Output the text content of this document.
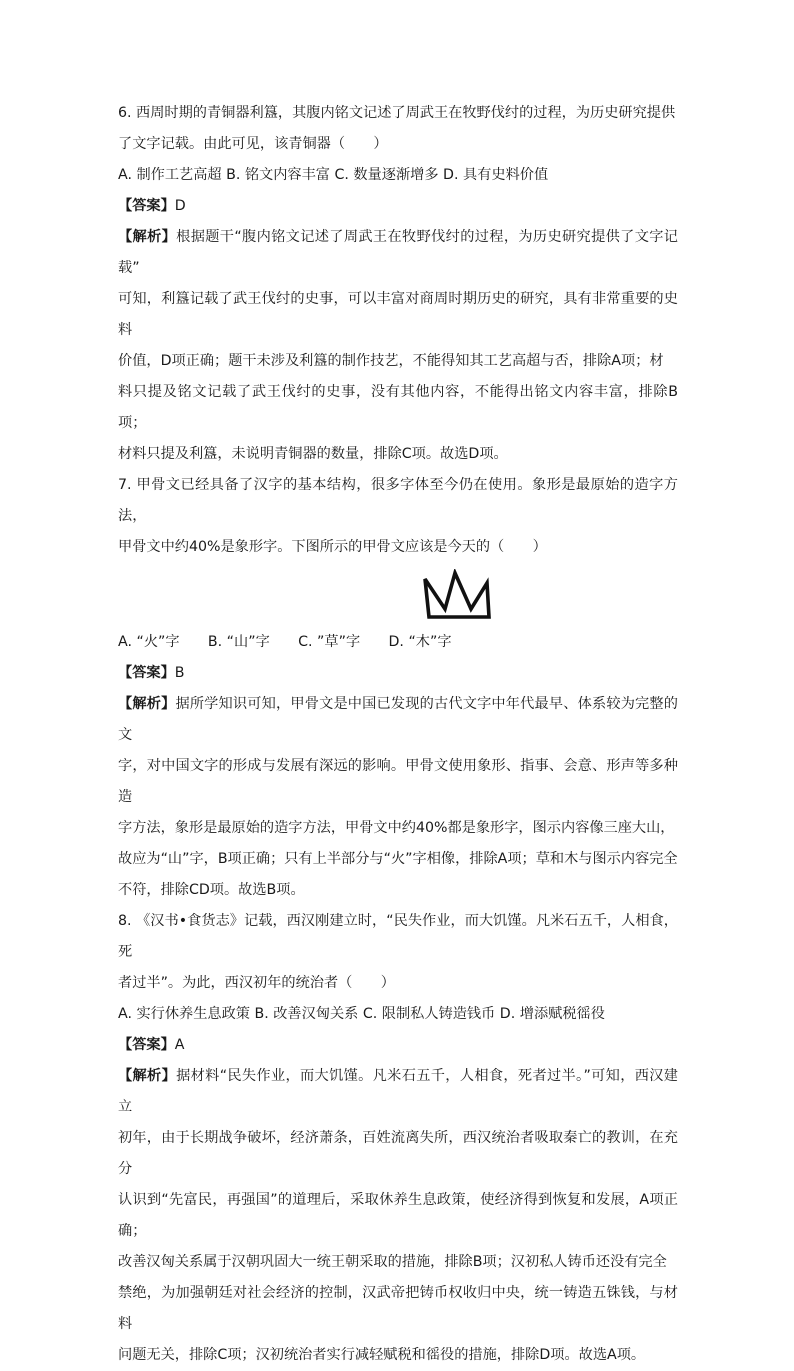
6. 西周时期的青铜器利簋，其腹内铭文记述了周武王在牧野伐纣的过程，为历史研究提供

了文字记载。由此可见，该青铜器（　　）

A. 制作工艺高超 B. 铭文内容丰富 C. 数量逐渐增多 D. 具有史料价值

【答案】D

【解析】根据题干“腹内铭文记述了周武王在牧野伐纣的过程，为历史研究提供了文字记载”

可知，利簋记载了武王伐纣的史事，可以丰富对商周时期历史的研究，具有非常重要的史料

价值，D项正确；题干未涉及利簋的制作技艺，不能得知其工艺高超与否，排除A项；材

料只提及铭文记载了武王伐纣的史事，没有其他内容，不能得出铭文内容丰富，排除B项；

材料只提及利簋，未说明青铜器的数量，排除C项。故选D项。

7. 甲骨文已经具备了汉字的基本结构，很多字体至今仍在使用。象形是最原始的造字方法，

甲骨文中约40%是象形字。下图所示的甲骨文应该是今天的（　　）

A. “火”字　　B. “山”字　　C. ”草”字　　D. “木”字

【答案】B

【解析】据所学知识可知，甲骨文是中国已发现的古代文字中年代最早、体系较为完整的文

字，对中国文字的形成与发展有深远的影响。甲骨文使用象形、指事、会意、形声等多种造

字方法，象形是最原始的造字方法，甲骨文中约40%都是象形字，图示内容像三座大山，

故应为“山”字，B项正确；只有上半部分与“火”字相像，排除A项；草和木与图示内容完全

不符，排除CD项。故选B项。

8. 《汉书•食货志》记载，西汉刚建立时，“民失作业，而大饥馑。凡米石五千，人相食，死

者过半”。为此，西汉初年的统治者（　　）

A. 实行休养生息政策 B. 改善汉匈关系 C. 限制私人铸造钱币 D. 增添赋税徭役

【答案】A

【解析】据材料“民失作业，而大饥馑。凡米石五千，人相食，死者过半。”可知，西汉建立

初年，由于长期战争破坏，经济萧条，百姓流离失所，西汉统治者吸取秦亡的教训，在充分

认识到“先富民，再强国”的道理后，采取休养生息政策，使经济得到恢复和发展，A项正确；

改善汉匈关系属于汉朝巩固大一统王朝采取的措施，排除B项；汉初私人铸币还没有完全

禁绝，为加强朝廷对社会经济的控制，汉武帝把铸币权收归中央，统一铸造五铢钱，与材料

问题无关，排除C项；汉初统治者实行减轻赋税和徭役的措施，排除D项。故选A项。
